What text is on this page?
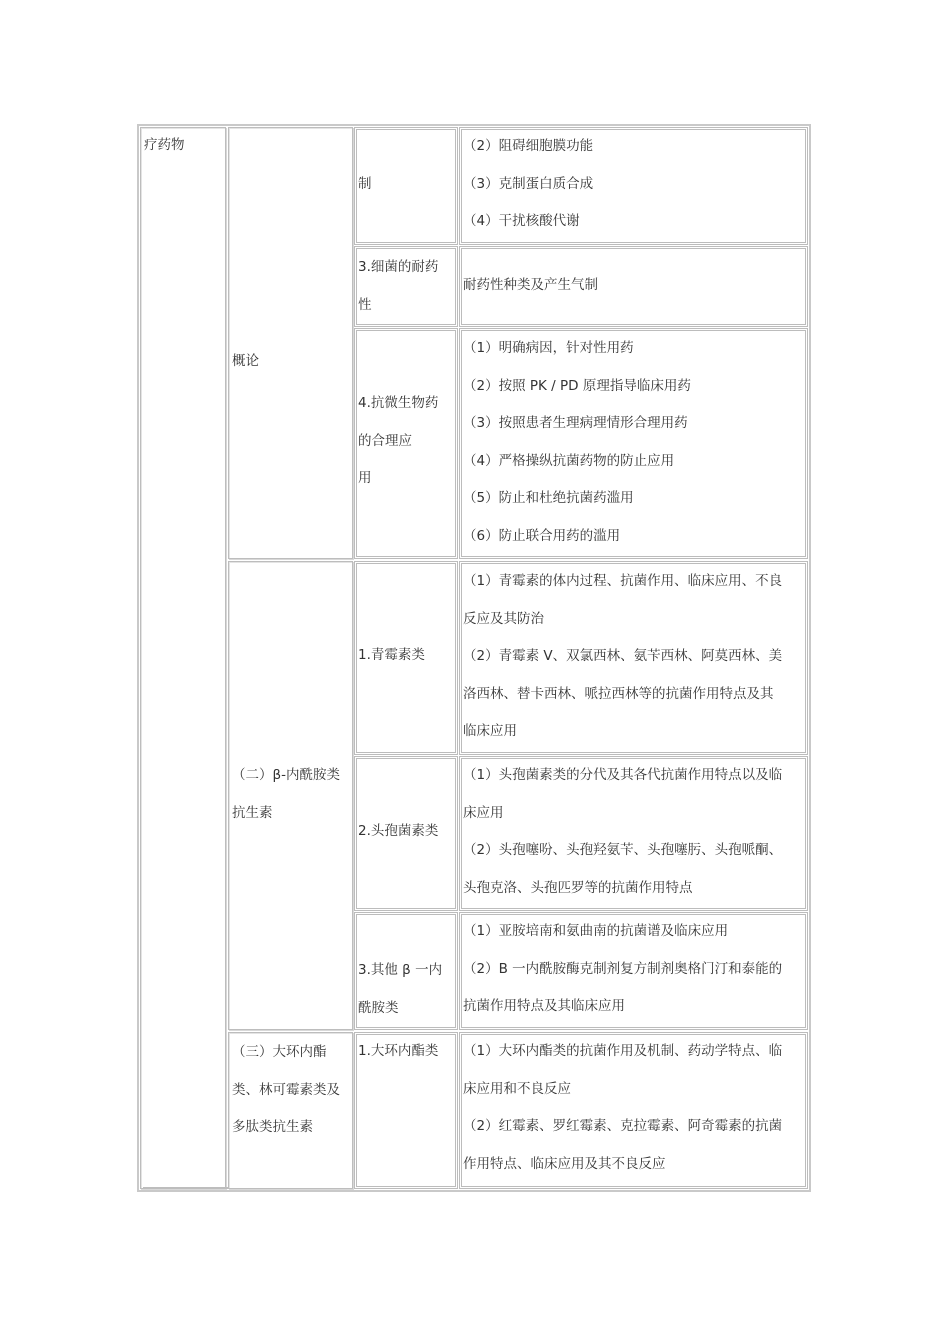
疗药物
概论
（二）β-内酰胺类
抗生素
（三）大环内酯
类、林可霉素类及
多肽类抗生素
制
（2）阻碍细胞膜功能
（3）克制蛋白质合成
（4）干扰核酸代谢
3.细菌的耐药
性
耐药性种类及产生气制
4.抗微生物药
的合理应
用
（1）明确病因，针对性用药
（2）按照 PK / PD 原理指导临床用药
（3）按照患者生理病理情形合理用药
（4）严格操纵抗菌药物的防止应用
（5）防止和杜绝抗菌药滥用
（6）防止联合用药的滥用
1.青霉素类
（1）青霉素的体内过程、抗菌作用、临床应用、不良
反应及其防治
（2）青霉素 V、双氯西林、氨苄西林、阿莫西林、美
洛西林、替卡西林、哌拉西林等的抗菌作用特点及其
临床应用
2.头孢菌素类
（1）头孢菌素类的分代及其各代抗菌作用特点以及临
床应用
（2）头孢噻吩、头孢羟氨苄、头孢噻肟、头孢哌酮、
头孢克洛、头孢匹罗等的抗菌作用特点
3.其他 β 一内
酰胺类
（1）亚胺培南和氨曲南的抗菌谱及临床应用
（2）B 一内酰胺酶克制剂复方制剂奥格门汀和泰能的
抗菌作用特点及其临床应用
1.大环内酯类 （1）大环内酯类的抗菌作用及机制、药动学特点、临
床应用和不良反应
（2）红霉素、罗红霉素、克拉霉素、阿奇霉素的抗菌
作用特点、临床应用及其不良反应
